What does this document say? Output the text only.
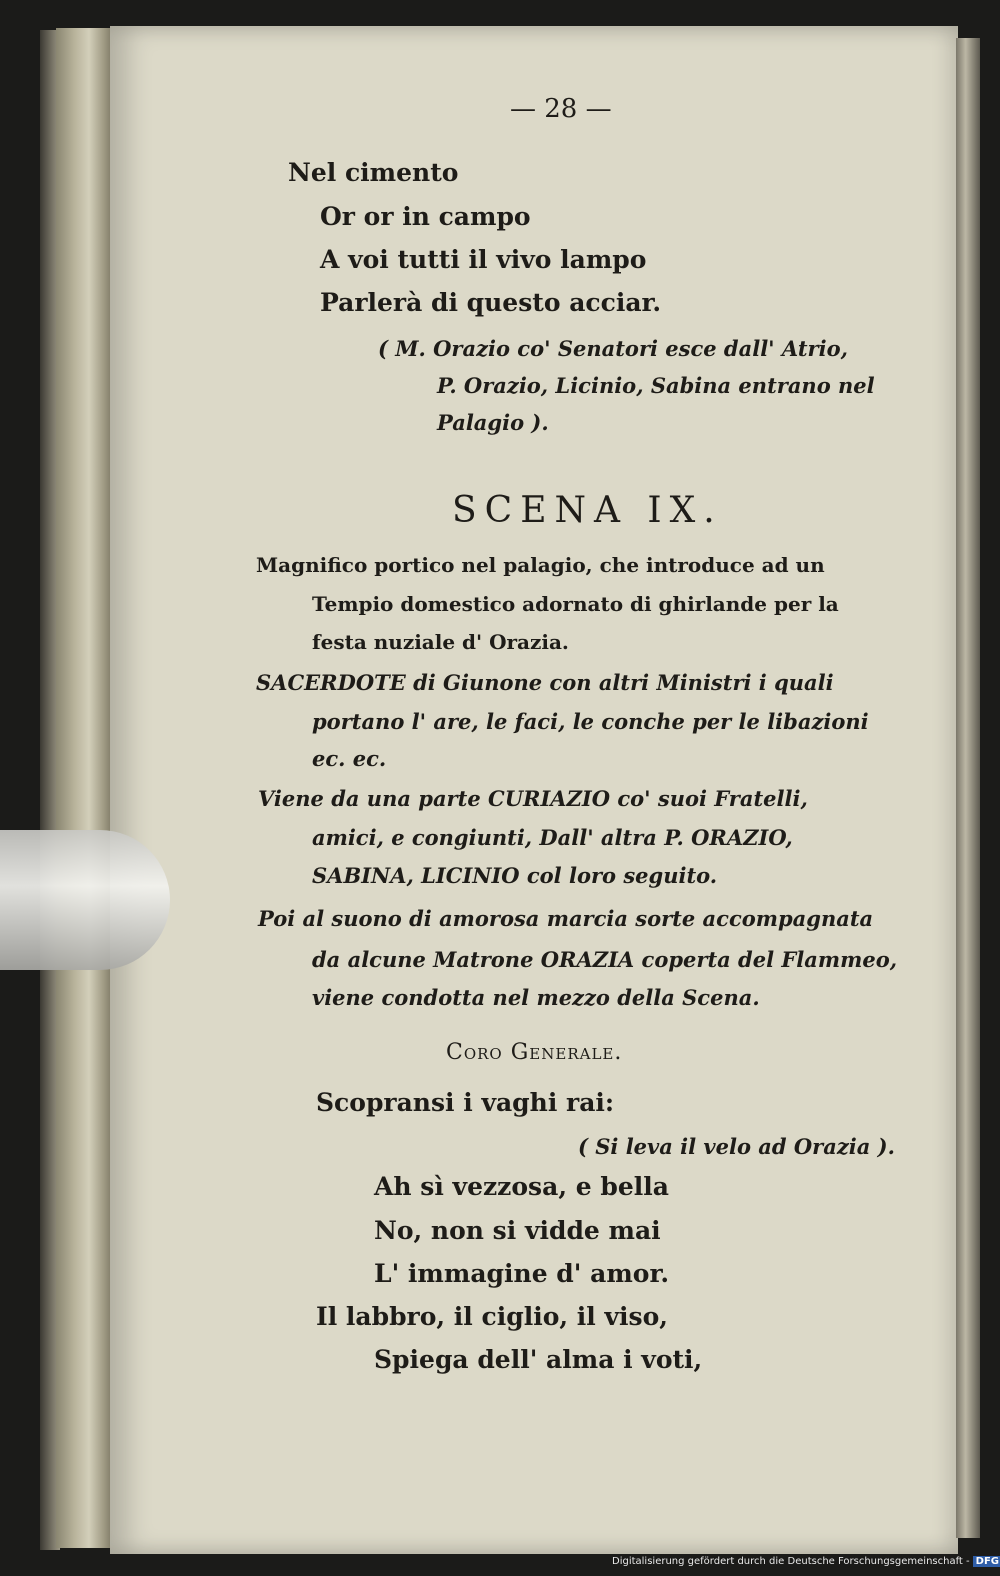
— 28 —
Nel cimento
Or or in campo
A voi tutti il vivo lampo
Parlerà di questo acciar.
( M. Orazio co' Senatori esce dall' Atrio,
P. Orazio, Licinio, Sabina entrano nel
Palagio ).
SCENA IX.
Magnifico portico nel palagio, che introduce ad un
Tempio domestico adornato di ghirlande per la
festa nuziale d' Orazia.
SACERDOTE di Giunone con altri Ministri i quali
portano l' are, le faci, le conche per le libazioni
ec. ec.
Viene da una parte CURIAZIO co' suoi Fratelli,
amici, e congiunti, Dall' altra P. ORAZIO,
SABINA, LICINIO col loro seguito.
Poi al suono di amorosa marcia sorte accompagnata
da alcune Matrone ORAZIA coperta del Flammeo,
viene condotta nel mezzo della Scena.
Coro Generale.
Scopransi i vaghi rai:
( Si leva il velo ad Orazia ).
Ah sì vezzosa, e bella
No, non si vidde mai
L' immagine d' amor.
Il labbro, il ciglio, il viso,
Spiega dell' alma i voti,
Digitalisierung gefördert durch die Deutsche Forschungsgemeinschaft - DFG
